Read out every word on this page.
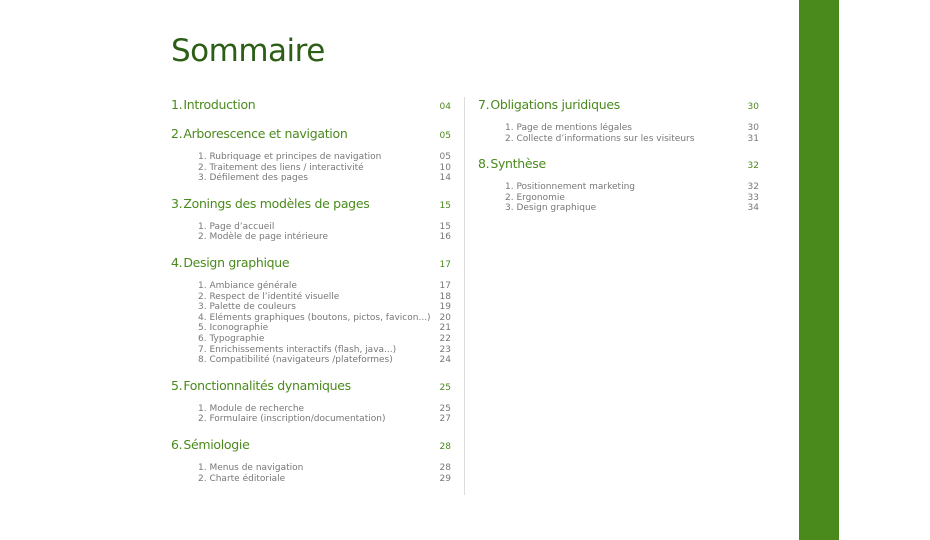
Sommaire
1.Introduction	04
2.Arborescence et navigation	05
1. Rubriquage et principes de navigation	05
2. Traitement des liens / interactivité	10
3. Défilement des pages	14
3.Zonings des modèles de pages	15
1. Page d’accueil	15
2. Modèle de page intérieure	16
4.Design graphique	17
1. Ambiance générale	17
2. Respect de l’identité visuelle	18
3. Palette de couleurs	19
4. Eléments graphiques (boutons, pictos, favicon...) 20
5. Iconographie	21
6. Typographie	22
7. Enrichissements interactifs (flash, java...)	23
8. Compatibilité (navigateurs /plateformes)	24
5.Fonctionnalités dynamiques	25
1. Module de recherche	25
2. Formulaire (inscription/documentation)	27
6.Sémiologie	28
1. Menus de navigation	28
2. Charte éditoriale	29
7.Obligations juridiques	30
1. Page de mentions légales	30
2. Collecte d’informations sur les visiteurs	31
8.Synthèse	32
1. Positionnement marketing	32
2. Ergonomie	33
3. Design graphique	34
